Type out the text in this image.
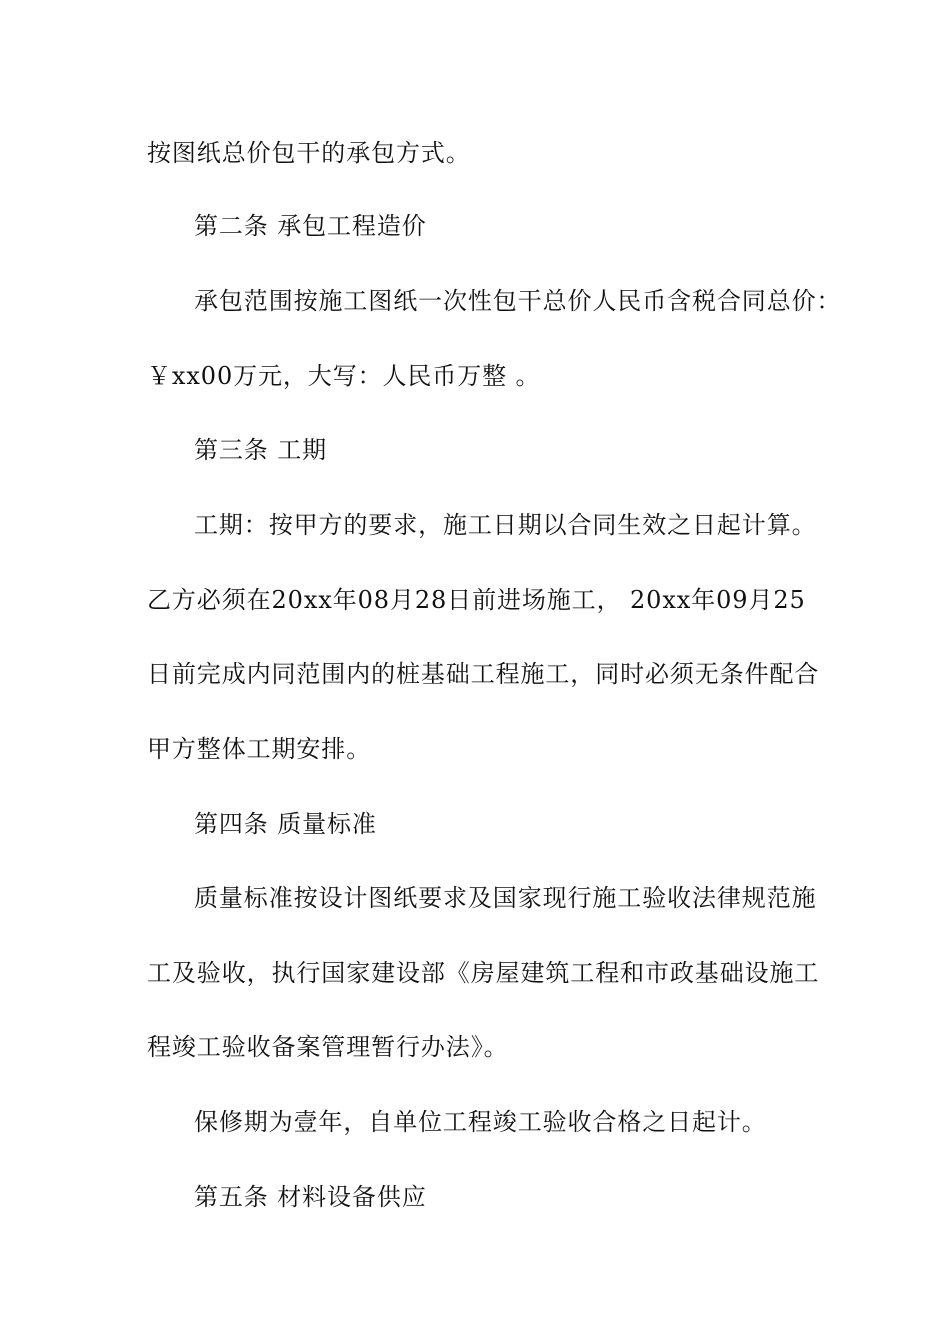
按图纸总价包干的承包方式。
第二条 承包工程造价
承包范围按施工图纸一次性包干总价人民币含税合同总价：
￥xx00万元，大写：人民币万整 。
第三条 工期
工期：按甲方的要求，施工日期以合同生效之日起计算。
乙方必须在20xx年08月28日前进场施工， 20xx年09月25
日前完成内同范围内的桩基础工程施工，同时必须无条件配合
甲方整体工期安排。
第四条 质量标准
质量标准按设计图纸要求及国家现行施工验收法律规范施
工及验收，执行国家建设部《房屋建筑工程和市政基础设施工
程竣工验收备案管理暂行办法》。
保修期为壹年，自单位工程竣工验收合格之日起计。
第五条 材料设备供应
